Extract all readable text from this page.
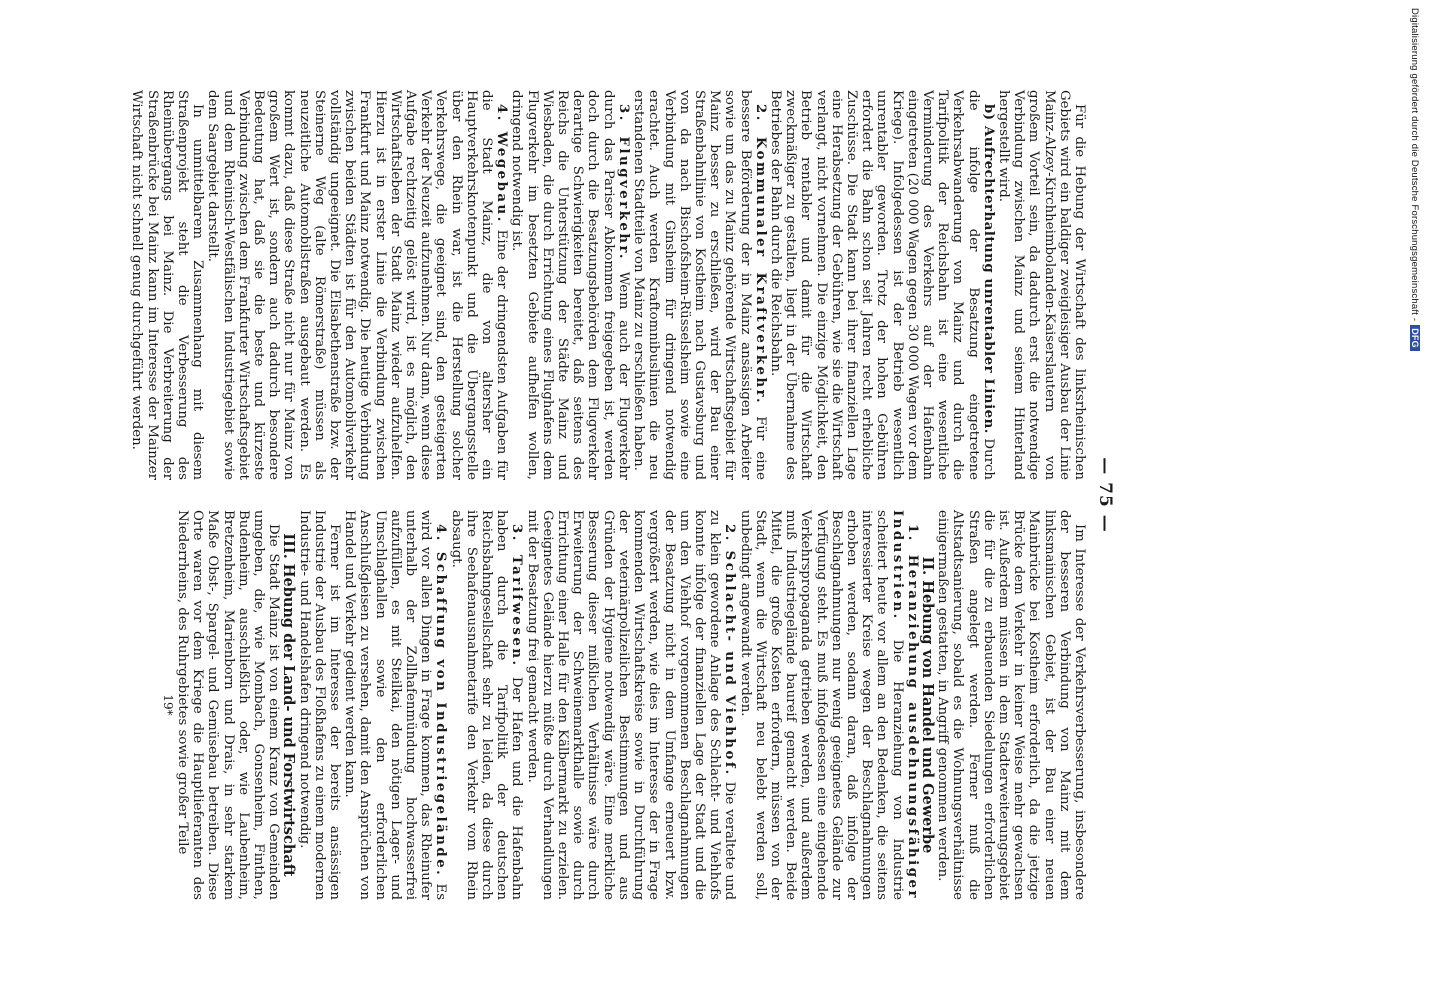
— 75 —

Für die Hebung der Wirtschaft des linksrheinischen Gebiets wird ein baldiger zweigleisiger Ausbau der Linie Mainz-Alzey-Kirchheimbolanden-Kaiserslautern von großem Vorteil sein, da dadurch erst die notwendige Verbindung zwischen Mainz und seinem Hinterland hergestellt wird.

b) Aufrechterhaltung unrentabler Linien. Durch die infolge der Besatzung eingetretene Verkehrsabwanderung von Mainz und durch die Tarifpolitik der Reichsbahn ist eine wesentliche Verminderung des Verkehrs auf der Hafenbahn eingetreten (20 000 Wagen gegen 30 000 Wagen vor dem Kriege). Infolgedessen ist der Betrieb wesentlich unrentabler geworden. Trotz der hohen Gebühren erfordert die Bahn schon seit Jahren recht erhebliche Zuschüsse. Die Stadt kann bei ihrer finanziellen Lage eine Herabsetzung der Gebühren, wie sie die Wirtschaft verlangt, nicht vornehmen. Die einzige Möglichkeit, den Betrieb rentabler und damit für die Wirtschaft zweckmäßiger zu gestalten, liegt in der Übernahme des Betriebes der Bahn durch die Reichsbahn.

2. Kommunaler Kraftverkehr. Für eine bessere Beförderung der in Mainz ansässigen Arbeiter sowie um das zu Mainz gehörende Wirtschaftsgebiet für Mainz besser zu erschließen, wird der Bau einer Straßenbahnlinie von Kostheim nach Gustavsburg und von da nach Bischofsheim-Rüsselsheim sowie eine Verbindung mit Ginsheim für dringend notwendig erachtet. Auch werden Kraftomnibuslinien die neu erstandenen Stadtteile von Mainz zu erschließen haben.

3. Flugverkehr. Wenn auch der Flugverkehr durch das Pariser Abkommen freigegeben ist, werden doch durch die Besatzungsbehörden dem Flugverkehr derartige Schwierigkeiten bereitet, daß seitens des Reichs die Unterstützung der Städte Mainz und Wiesbaden, die durch Errichtung eines Flughafens dem Flugverkehr im besetzten Gebiete aufhelfen wollen, dringend notwendig ist.

4. Wegebau. Eine der dringendsten Aufgaben für die Stadt Mainz, die von altersher ein Hauptverkehrsknotenpunkt und die Übergangsstelle über den Rhein war, ist die Herstellung solcher Verkehrswege, die geeignet sind, den gesteigerten Verkehr der Neuzeit aufzunehmen. Nur dann, wenn diese Aufgabe rechtzeitig gelöst wird, ist es möglich, den Wirtschaftsleben der Stadt Mainz wieder aufzuhelfen. Hierzu ist in erster Linie die Verbindung zwischen Frankfurt und Mainz notwendig. Die heutige Verbindung zwischen beiden Städten ist für den Automobilverkehr vollständig ungeeignet. Die Elisabethenstraße bzw. der Steinerne Weg (alte Römerstraße) müssen als neuzeitliche Automobilstraßen ausgebaut werden. Es kommt dazu, daß diese Straße nicht nur für Mainz von großem Wert ist, sondern auch dadurch besondere Bedeutung hat, daß sie die beste und kürzeste Verbindung zwischen dem Frankfurter Wirtschaftsgebiet und dem Rheinisch-Westfälischen Industriegebiet sowie dem Saargebiet darstellt.

In unmittelbarem Zusammenhang mit diesem Straßenprojekt steht die Verbesserung des Rheinübergangs bei Mainz. Die Verbreiterung der Straßenbrücke bei Mainz kann im Interesse der Mainzer Wirtschaft nicht schnell genug durchgeführt werden.

Im Interesse der Verkehrsverbesserung, insbesondere der besseren Verbindung von Mainz mit dem linksmainischen Gebiet, ist der Bau einer neuen Mainbrücke bei Kostheim erforderlich, da die jetzige Brücke dem Verkehr in keiner Weise mehr gewachsen ist. Außerdem müssen in dem Stadterweiterungsgebiet die für die zu erbauenden Siedelungen erforderlichen Straßen angelegt werden. Ferner muß die Altstadtsanierung, sobald es die Wohnungsverhältnisse einigermaßen gestatten, in Angriff genommen werden.

II. Hebung von Handel und Gewerbe

1. Heranziehung ausdehnungsfähiger Industrien. Die Heranziehung von Industrie scheitert heute vor allem an den Bedenken, die seitens interessierter Kreise wegen der Beschlagnahmungen erhoben werden, sodann daran, daß infolge der Beschlagnahmungen nur wenig geeignetes Gelände zur Verfügung steht. Es muß infolgedessen eine eingehende Verkehrspropaganda getrieben werden, und außerdem muß Industriegelände baureif gemacht werden. Beide Mittel, die große Kosten erfordern, müssen von der Stadt, wenn die Wirtschaft neu belebt werden soll, unbedingt angewandt werden.

2. Schlacht- und Viehhof. Die veraltete und zu klein gewordene Anlage des Schlacht- und Viehhofs konnte infolge der finanziellen Lage der Stadt und die um den Viehhof vorgenommenen Beschlagnahmungen der Besatzung nicht in dem Umfange erneuert bzw. vergrößert werden, wie dies im Interesse der in Frage kommenden Wirtschaftskreise sowie in Durchführung der veterinärpolizeilichen Bestimmungen und aus Gründen der Hygiene notwendig wäre. Eine merkliche Besserung dieser mißlichen Verhältnisse wäre durch Erweiterung der Schweinemarkthalle sowie durch Errichtung einer Halle für den Kälbermarkt zu erzielen. Geeignetes Gelände hierzu müßte durch Verhandlungen mit der Besatzung frei gemacht werden.

3. Tarifwesen. Der Hafen und die Hafenbahn haben durch die Tarifpolitik der deutschen Reichsbahngesellschaft sehr zu leiden, da diese durch ihre Seehafenausnahmetarife den Verkehr vom Rhein absaugt.

4. Schaffung von Industriegelände. Es wird vor allen Dingen in Frage kommen, das Rheinufer unterhalb der Zollhafenmündung hochwasserfrei aufzufüllen, es mit Steilkai, den nötigen Lager- und Umschlaghallen sowie den erforderlichen Anschlußgleisen zu versehen, damit den Ansprüchen von Handel und Verkehr gedient werden kann.

Ferner ist im Interesse der bereits ansässigen Industrie der Ausbau des Floßhafens zu einem modernen Industrie- und Handelshafen dringend notwendig.

III. Hebung der Land- und Forstwirtschaft

Die Stadt Mainz ist von einem Kranz von Gemeinden umgeben, die, wie Mombach, Gonsenheim, Finthen, Budenheim, ausschließlich oder, wie Laubenheim, Bretzenheim, Marienborn und Drais, in sehr starkem Maße Obst-, Spargel- und Gemüsebau betreiben. Diese Orte waren vor dem Kriege die Hauptlieferanten des Niederrheins, des Ruhrgebietes sowie großer Teile

19*

Digitalisierung gefördert durch die Deutsche Forschungsgemeinschaft -DFG
